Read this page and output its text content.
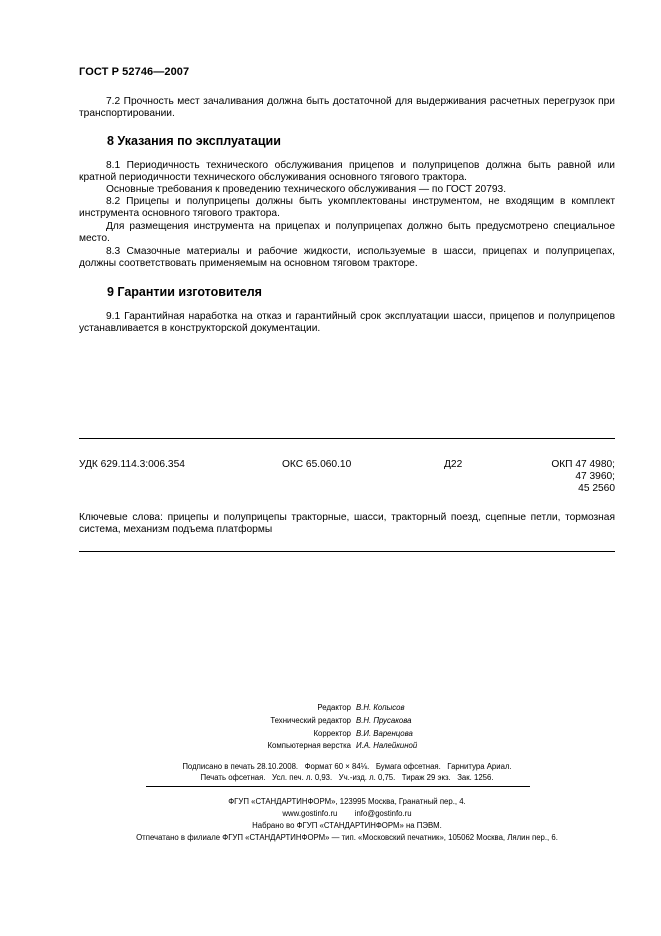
ГОСТ Р 52746—2007
7.2 Прочность мест зачаливания должна быть достаточной для выдерживания расчетных перегрузок при транспортировании.
8 Указания по эксплуатации
8.1 Периодичность технического обслуживания прицепов и полуприцепов должна быть равной или кратной периодичности технического обслуживания основного тягового трактора.
Основные требования к проведению технического обслуживания — по ГОСТ 20793.
8.2 Прицепы и полуприцепы должны быть укомплектованы инструментом, не входящим в комплект инструмента основного тягового трактора.
Для размещения инструмента на прицепах и полуприцепах должно быть предусмотрено специальное место.
8.3 Смазочные материалы и рабочие жидкости, используемые в шасси, прицепах и полуприцепах, должны соответствовать применяемым на основном тяговом тракторе.
9 Гарантии изготовителя
9.1 Гарантийная наработка на отказ и гарантийный срок эксплуатации шасси, прицепов и полуприцепов устанавливается в конструкторской документации.
УДК 629.114.3:006.354	ОКС 65.060.10	Д22	ОКП 47 4980;
47 3960;
45 2560
Ключевые слова: прицепы и полуприцепы тракторные, шасси, тракторный поезд, сцепные петли, тормозная система, механизм подъема платформы
Редактор В.Н. Копысов
Технический редактор В.Н. Прусакова
Корректор В.И. Варенцова
Компьютерная верстка И.А. Налейкиной
Подписано в печать 28.10.2008.   Формат 60 × 84⅛.   Бумага офсетная.   Гарнитура Ариал.
Печать офсетная.   Усл. печ. л. 0,93.   Уч.-изд. л. 0,75.   Тираж 29 экз.   Зак. 1256.
ФГУП «СТАНДАРТИНФОРМ», 123995 Москва, Гранатный пер., 4.
www.gostinfo.ru        info@gostinfo.ru
Набрано во ФГУП «СТАНДАРТИНФОРМ» на ПЭВМ.
Отпечатано в филиале ФГУП «СТАНДАРТИНФОРМ» — тип. «Московский печатник», 105062 Москва, Лялин пер., 6.
